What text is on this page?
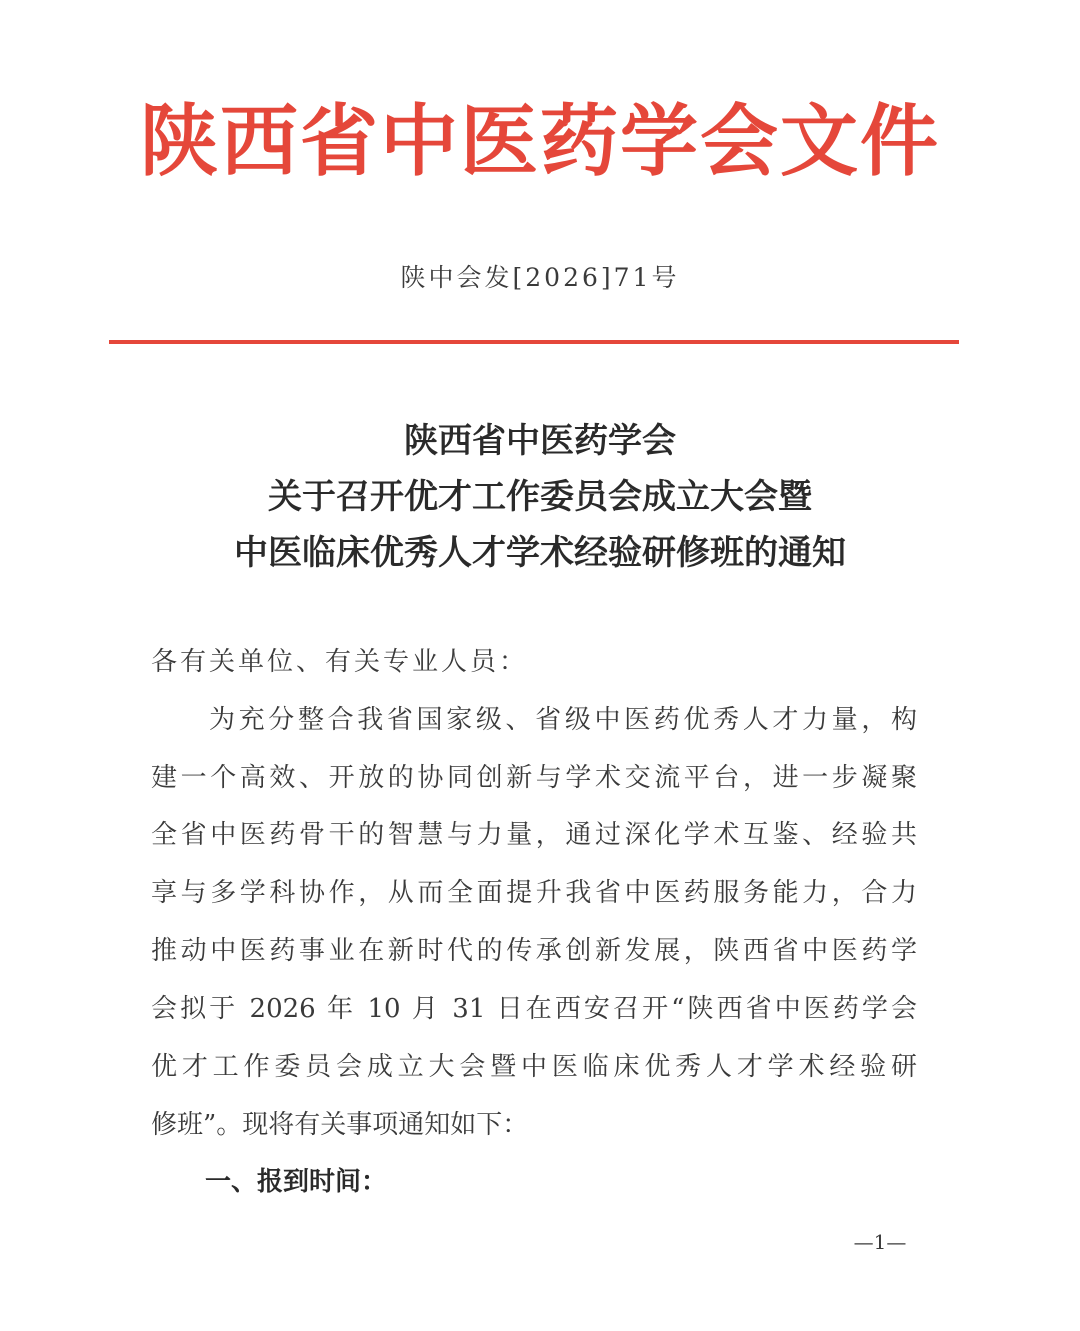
陕西省中医药学会文件
陕中会发[2026]71号
陕西省中医药学会
关于召开优才工作委员会成立大会暨
中医临床优秀人才学术经验研修班的通知
各有关单位、有关专业人员：
为充分整合我省国家级、省级中医药优秀人才力量，构
建一个高效、开放的协同创新与学术交流平台，进一步凝聚
全省中医药骨干的智慧与力量，通过深化学术互鉴、经验共
享与多学科协作，从而全面提升我省中医药服务能力，合力
推动中医药事业在新时代的传承创新发展，陕西省中医药学
会拟于 2026 年 10 月 31 日在西安召开“陕西省中医药学会
优才工作委员会成立大会暨中医临床优秀人才学术经验研
修班”。现将有关事项通知如下：
一、报到时间：
—1—
